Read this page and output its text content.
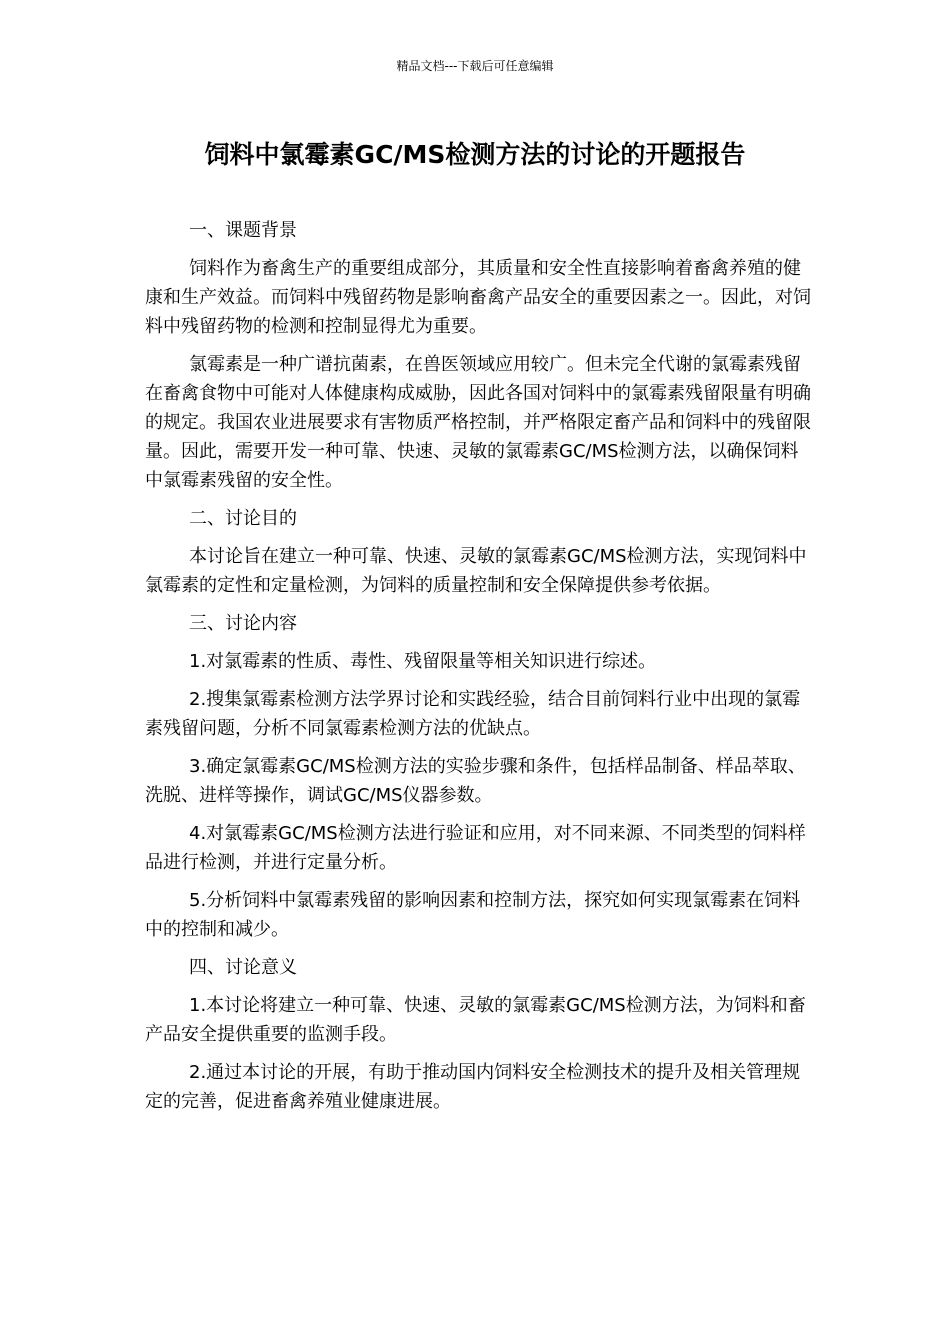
精品文档---下载后可任意编辑
饲料中氯霉素GC/MS检测方法的讨论的开题报告

一、课题背景

饲料作为畜禽生产的重要组成部分，其质量和安全性直接影响着畜禽养殖的健康和生产效益。而饲料中残留药物是影响畜禽产品安全的重要因素之一。因此，对饲料中残留药物的检测和控制显得尤为重要。

氯霉素是一种广谱抗菌素，在兽医领域应用较广。但未完全代谢的氯霉素残留在畜禽食物中可能对人体健康构成威胁，因此各国对饲料中的氯霉素残留限量有明确的规定。我国农业进展要求有害物质严格控制，并严格限定畜产品和饲料中的残留限量。因此，需要开发一种可靠、快速、灵敏的氯霉素GC/MS检测方法，以确保饲料中氯霉素残留的安全性。

二、讨论目的

本讨论旨在建立一种可靠、快速、灵敏的氯霉素GC/MS检测方法，实现饲料中氯霉素的定性和定量检测，为饲料的质量控制和安全保障提供参考依据。

三、讨论内容

1.对氯霉素的性质、毒性、残留限量等相关知识进行综述。

2.搜集氯霉素检测方法学界讨论和实践经验，结合目前饲料行业中出现的氯霉素残留问题，分析不同氯霉素检测方法的优缺点。

3.确定氯霉素GC/MS检测方法的实验步骤和条件，包括样品制备、样品萃取、洗脱、进样等操作，调试GC/MS仪器参数。

4.对氯霉素GC/MS检测方法进行验证和应用，对不同来源、不同类型的饲料样品进行检测，并进行定量分析。

5.分析饲料中氯霉素残留的影响因素和控制方法，探究如何实现氯霉素在饲料中的控制和减少。

四、讨论意义

1.本讨论将建立一种可靠、快速、灵敏的氯霉素GC/MS检测方法，为饲料和畜产品安全提供重要的监测手段。

2.通过本讨论的开展，有助于推动国内饲料安全检测技术的提升及相关管理规定的完善，促进畜禽养殖业健康进展。
